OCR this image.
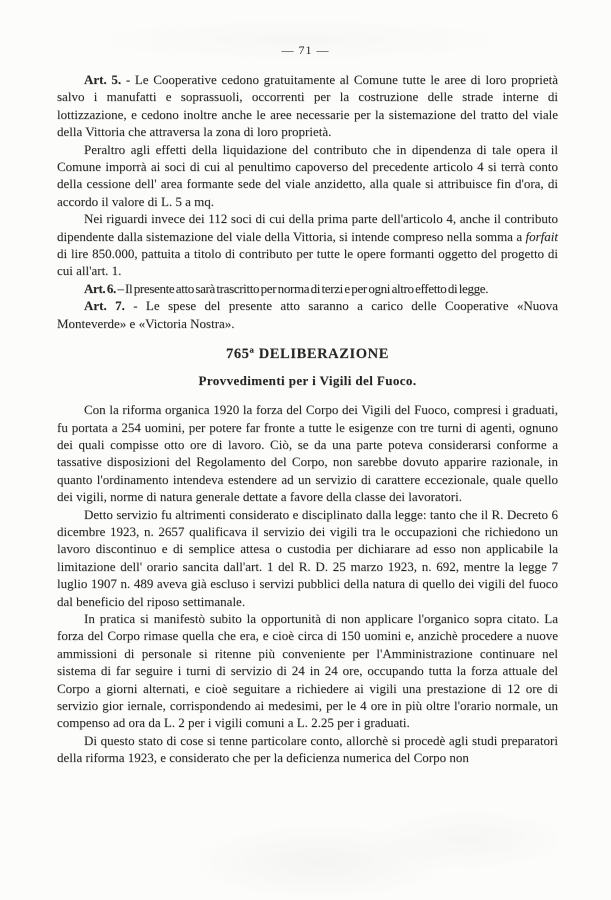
— 71 —

Art. 5. - Le Cooperative cedono gratuitamente al Comune tutte le aree di loro proprietà salvo i manufatti e soprassuoli, occorrenti per la costruzione delle strade interne di lottizzazione, e cedono inoltre anche le aree necessarie per la sistemazione del tratto del viale della Vittoria che attraversa la zona di loro proprietà.

Peraltro agli effetti della liquidazione del contributo che in dipendenza di tale opera il Comune imporrà ai soci di cui al penultimo capoverso del precedente articolo 4 si terrà conto della cessione dell' area formante sede del viale anzidetto, alla quale si attribuisce fin d'ora, di accordo il valore di L. 5 a mq.

Nei riguardi invece dei 112 soci di cui della prima parte dell'articolo 4, anche il contributo dipendente dalla sistemazione del viale della Vittoria, si intende compreso nella somma a forfait di lire 850.000, pattuita a titolo di contributo per tutte le opere formanti oggetto del progetto di cui all'art. 1.

Art. 6. – Il presente atto sarà trascritto per norma di terzi e per ogni altro effetto di legge.

Art. 7. - Le spese del presente atto saranno a carico delle Cooperative «Nuova Monteverde» e «Victoria Nostra».

765ª DELIBERAZIONE
Provvedimenti per i Vigili del Fuoco.

Con la riforma organica 1920 la forza del Corpo dei Vigili del Fuoco, compresi i graduati, fu portata a 254 uomini, per potere far fronte a tutte le esigenze con tre turni di agenti, ognuno dei quali compisse otto ore di lavoro. Ciò, se da una parte poteva considerarsi conforme a tassative disposizioni del Regolamento del Corpo, non sarebbe dovuto apparire razionale, in quanto l'ordinamento intendeva estendere ad un servizio di carattere eccezionale, quale quello dei vigili, norme di natura generale dettate a favore della classe dei lavoratori.

Detto servizio fu altrimenti considerato e disciplinato dalla legge: tanto che il R. Decreto 6 dicembre 1923, n. 2657 qualificava il servizio dei vigili tra le occupazioni che richiedono un lavoro discontinuo e di semplice attesa o custodia per dichiarare ad esso non applicabile la limitazione dell' orario sancita dall'art. 1 del R. D. 25 marzo 1923, n. 692, mentre la legge 7 luglio 1907 n. 489 aveva già escluso i servizi pubblici della natura di quello dei vigili del fuoco dal beneficio del riposo settimanale.

In pratica si manifestò subito la opportunità di non applicare l'organico sopra citato. La forza del Corpo rimase quella che era, e cioè circa di 150 uomini e, anzichè procedere a nuove ammissioni di personale si ritenne più conveniente per l'Amministrazione continuare nel sistema di far seguire i turni di servizio di 24 in 24 ore, occupando tutta la forza attuale del Corpo a giorni alternati, e cioè seguitare a richiedere ai vigili una prestazione di 12 ore di servizio gior iernale, corrispondendo ai medesimi, per le 4 ore in più oltre l'orario normale, un compenso ad ora da L. 2 per i vigili comuni a L. 2.25 per i graduati.

Di questo stato di cose si tenne particolare conto, allorchè si procedè agli studi preparatori della riforma 1923, e considerato che per la deficienza numerica del Corpo non
